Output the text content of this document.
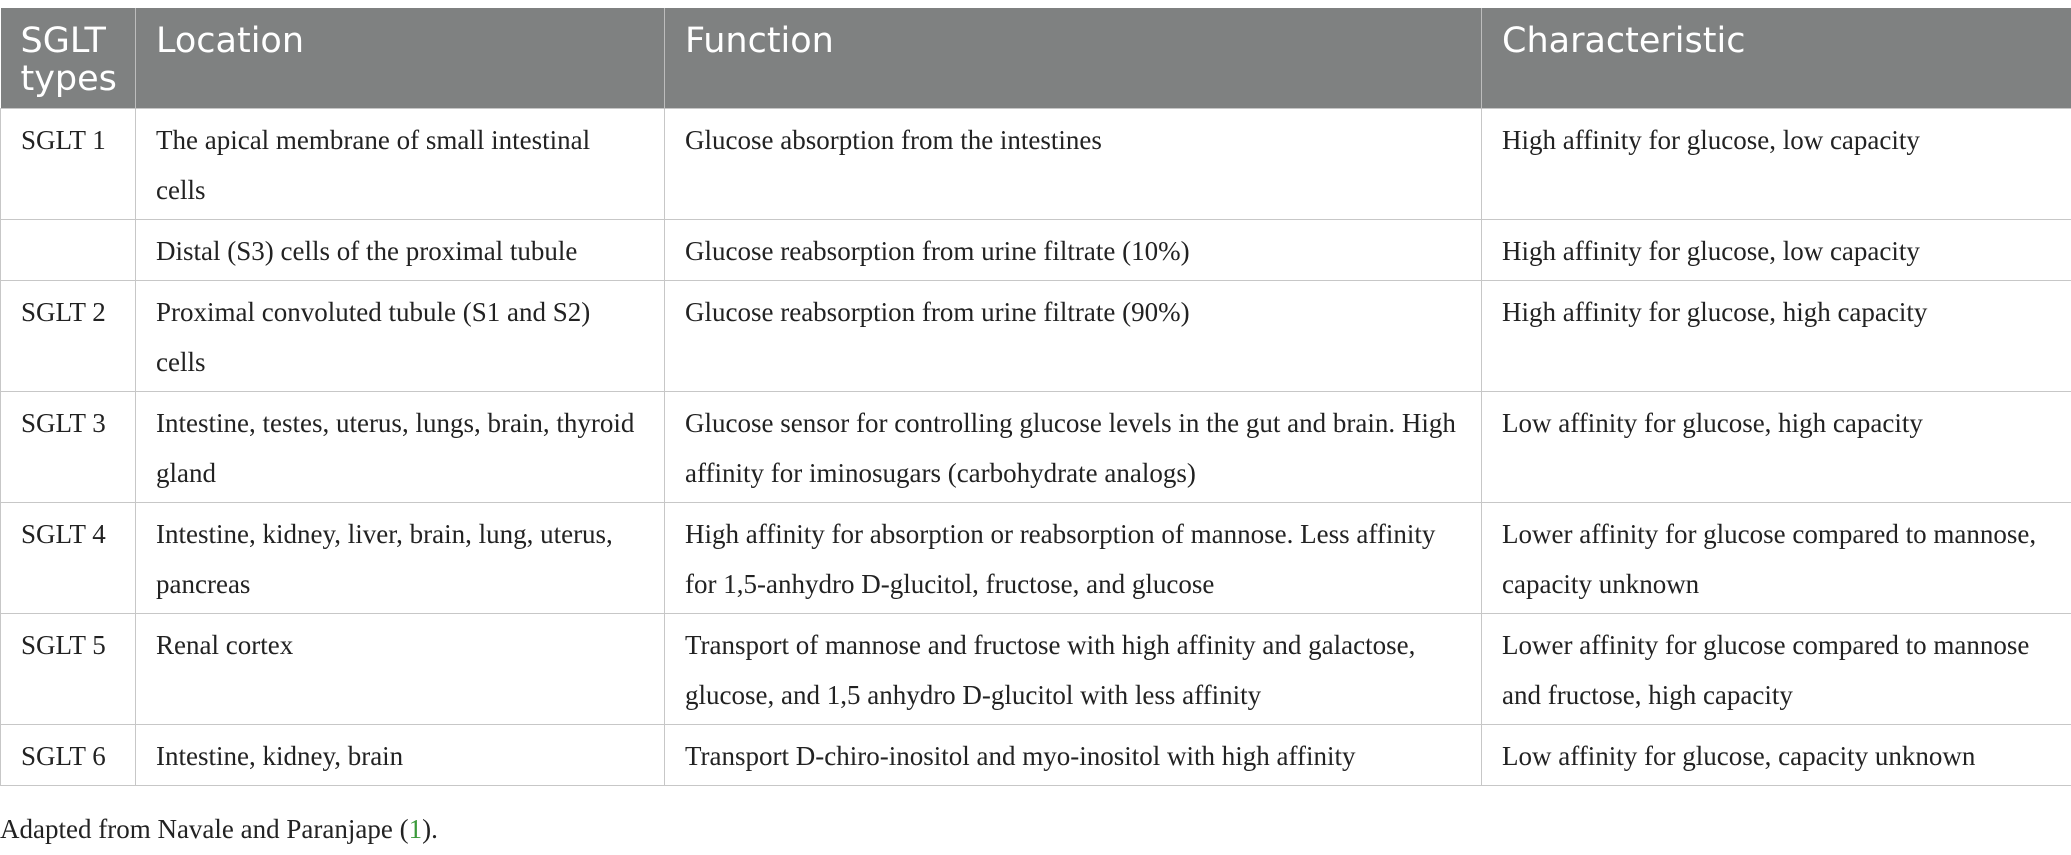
SGLT types	Location	Function	Characteristic
SGLT 1	The apical membrane of small intestinal cells	Glucose absorption from the intestines	High affinity for glucose, low capacity
	Distal (S3) cells of the proximal tubule	Glucose reabsorption from urine filtrate (10%)	High affinity for glucose, low capacity
SGLT 2	Proximal convoluted tubule (S1 and S2) cells	Glucose reabsorption from urine filtrate (90%)	High affinity for glucose, high capacity
SGLT 3	Intestine, testes, uterus, lungs, brain, thyroid gland	Glucose sensor for controlling glucose levels in the gut and brain. High affinity for iminosugars (carbohydrate analogs)	Low affinity for glucose, high capacity
SGLT 4	Intestine, kidney, liver, brain, lung, uterus, pancreas	High affinity for absorption or reabsorption of mannose. Less affinity for 1,5-anhydro D-glucitol, fructose, and glucose	Lower affinity for glucose compared to mannose, capacity unknown
SGLT 5	Renal cortex	Transport of mannose and fructose with high affinity and galactose, glucose, and 1,5 anhydro D-glucitol with less affinity	Lower affinity for glucose compared to mannose and fructose, high capacity
SGLT 6	Intestine, kidney, brain	Transport D-chiro-inositol and myo-inositol with high affinity	Low affinity for glucose, capacity unknown
Adapted from Navale and Paranjape (1).
